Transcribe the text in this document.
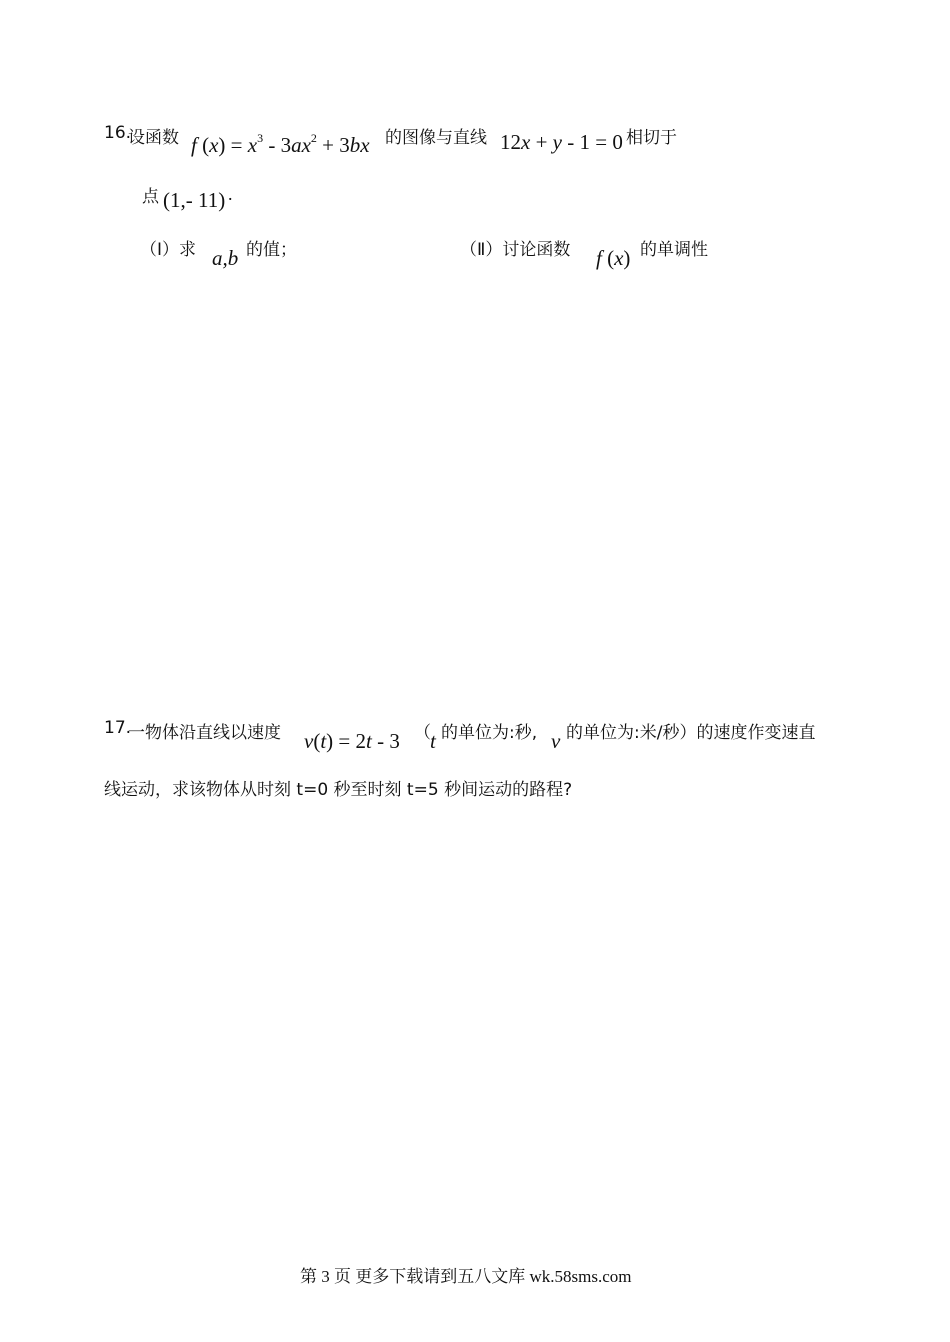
16.
设函数 f $(x) = x^3 - 3ax^2 + 3bx$ 的图像与直线 12x + y - 1 = 0 相切于
点 (1,- 11) .
（Ⅰ）求 a,b 的值；	（Ⅱ）讨论函数 f (x) 的单调性
17.
一物体沿直线以速度 v(t) = 2t - 3 （ t 的单位为:秒, v 的单位为:米/秒）的速度作变速直
线运动，求该物体从时刻 t=0 秒至时刻 t=5 秒间运动的路程?
第 3 页 更多下载请到五八文库 wk.58sms.com
